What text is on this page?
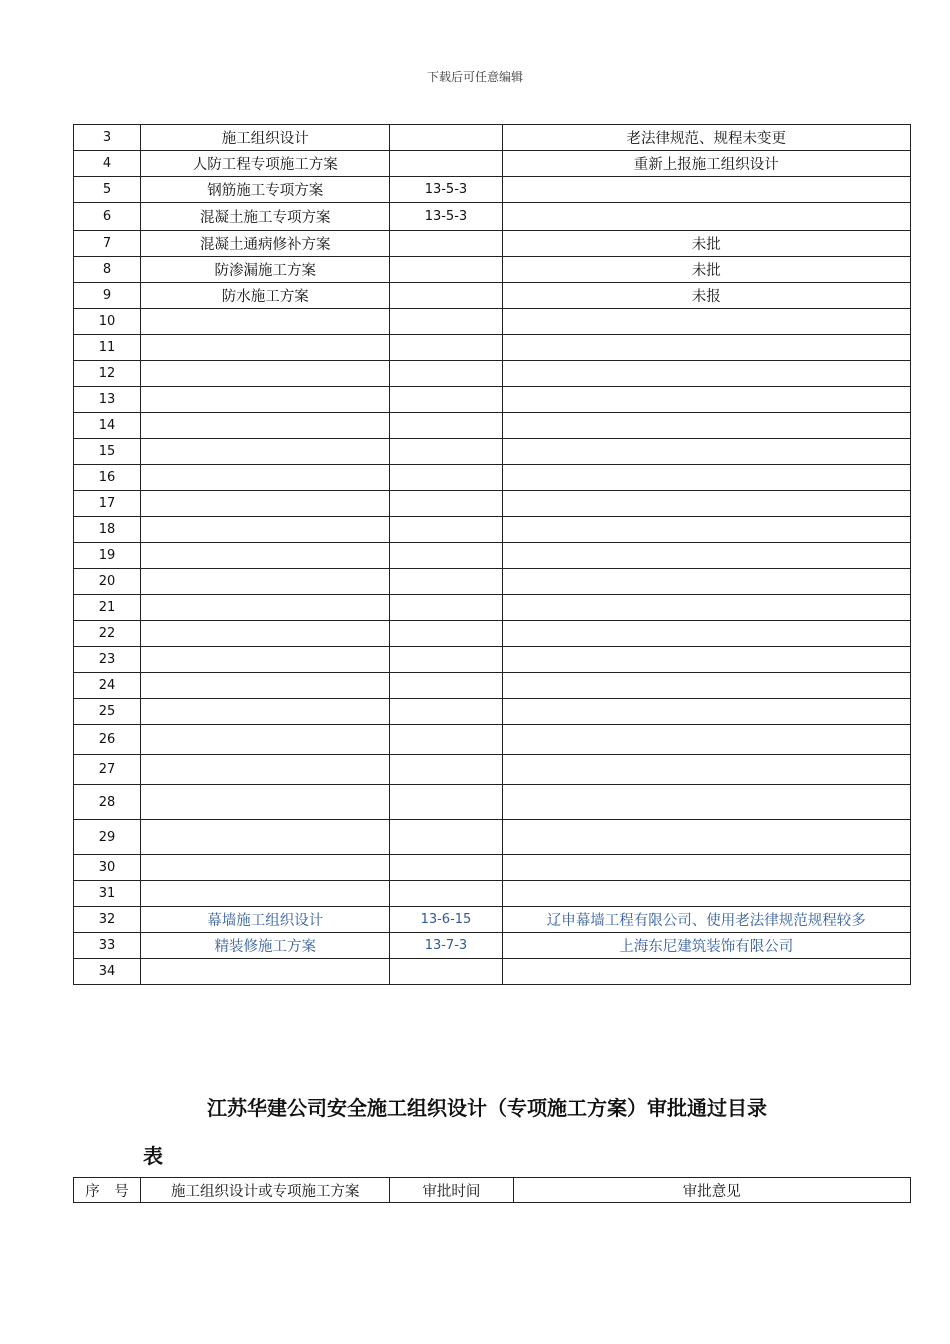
下载后可任意编辑
3	施工组织设计		老法律规范、规程未变更
4	人防工程专项施工方案		重新上报施工组织设计
5	钢筋施工专项方案	13-5-3	
6	混凝土施工专项方案	13-5-3	
7	混凝土通病修补方案		未批
8	防渗漏施工方案		未批
9	防水施工方案		未报
10			
11			
12			
13			
14			
15			
16			
17			
18			
19			
20			
21			
22			
23			
24			
25			
26			
27			
28			
29			
30			
31			
32	幕墙施工组织设计	13-6-15	辽申幕墙工程有限公司、使用老法律规范规程较多
33	精装修施工方案	13-7-3	上海东尼建筑装饰有限公司
34			
江苏华建公司安全施工组织设计（专项施工方案）审批通过目录
表
序　号	施工组织设计或专项施工方案	审批时间	审批意见
